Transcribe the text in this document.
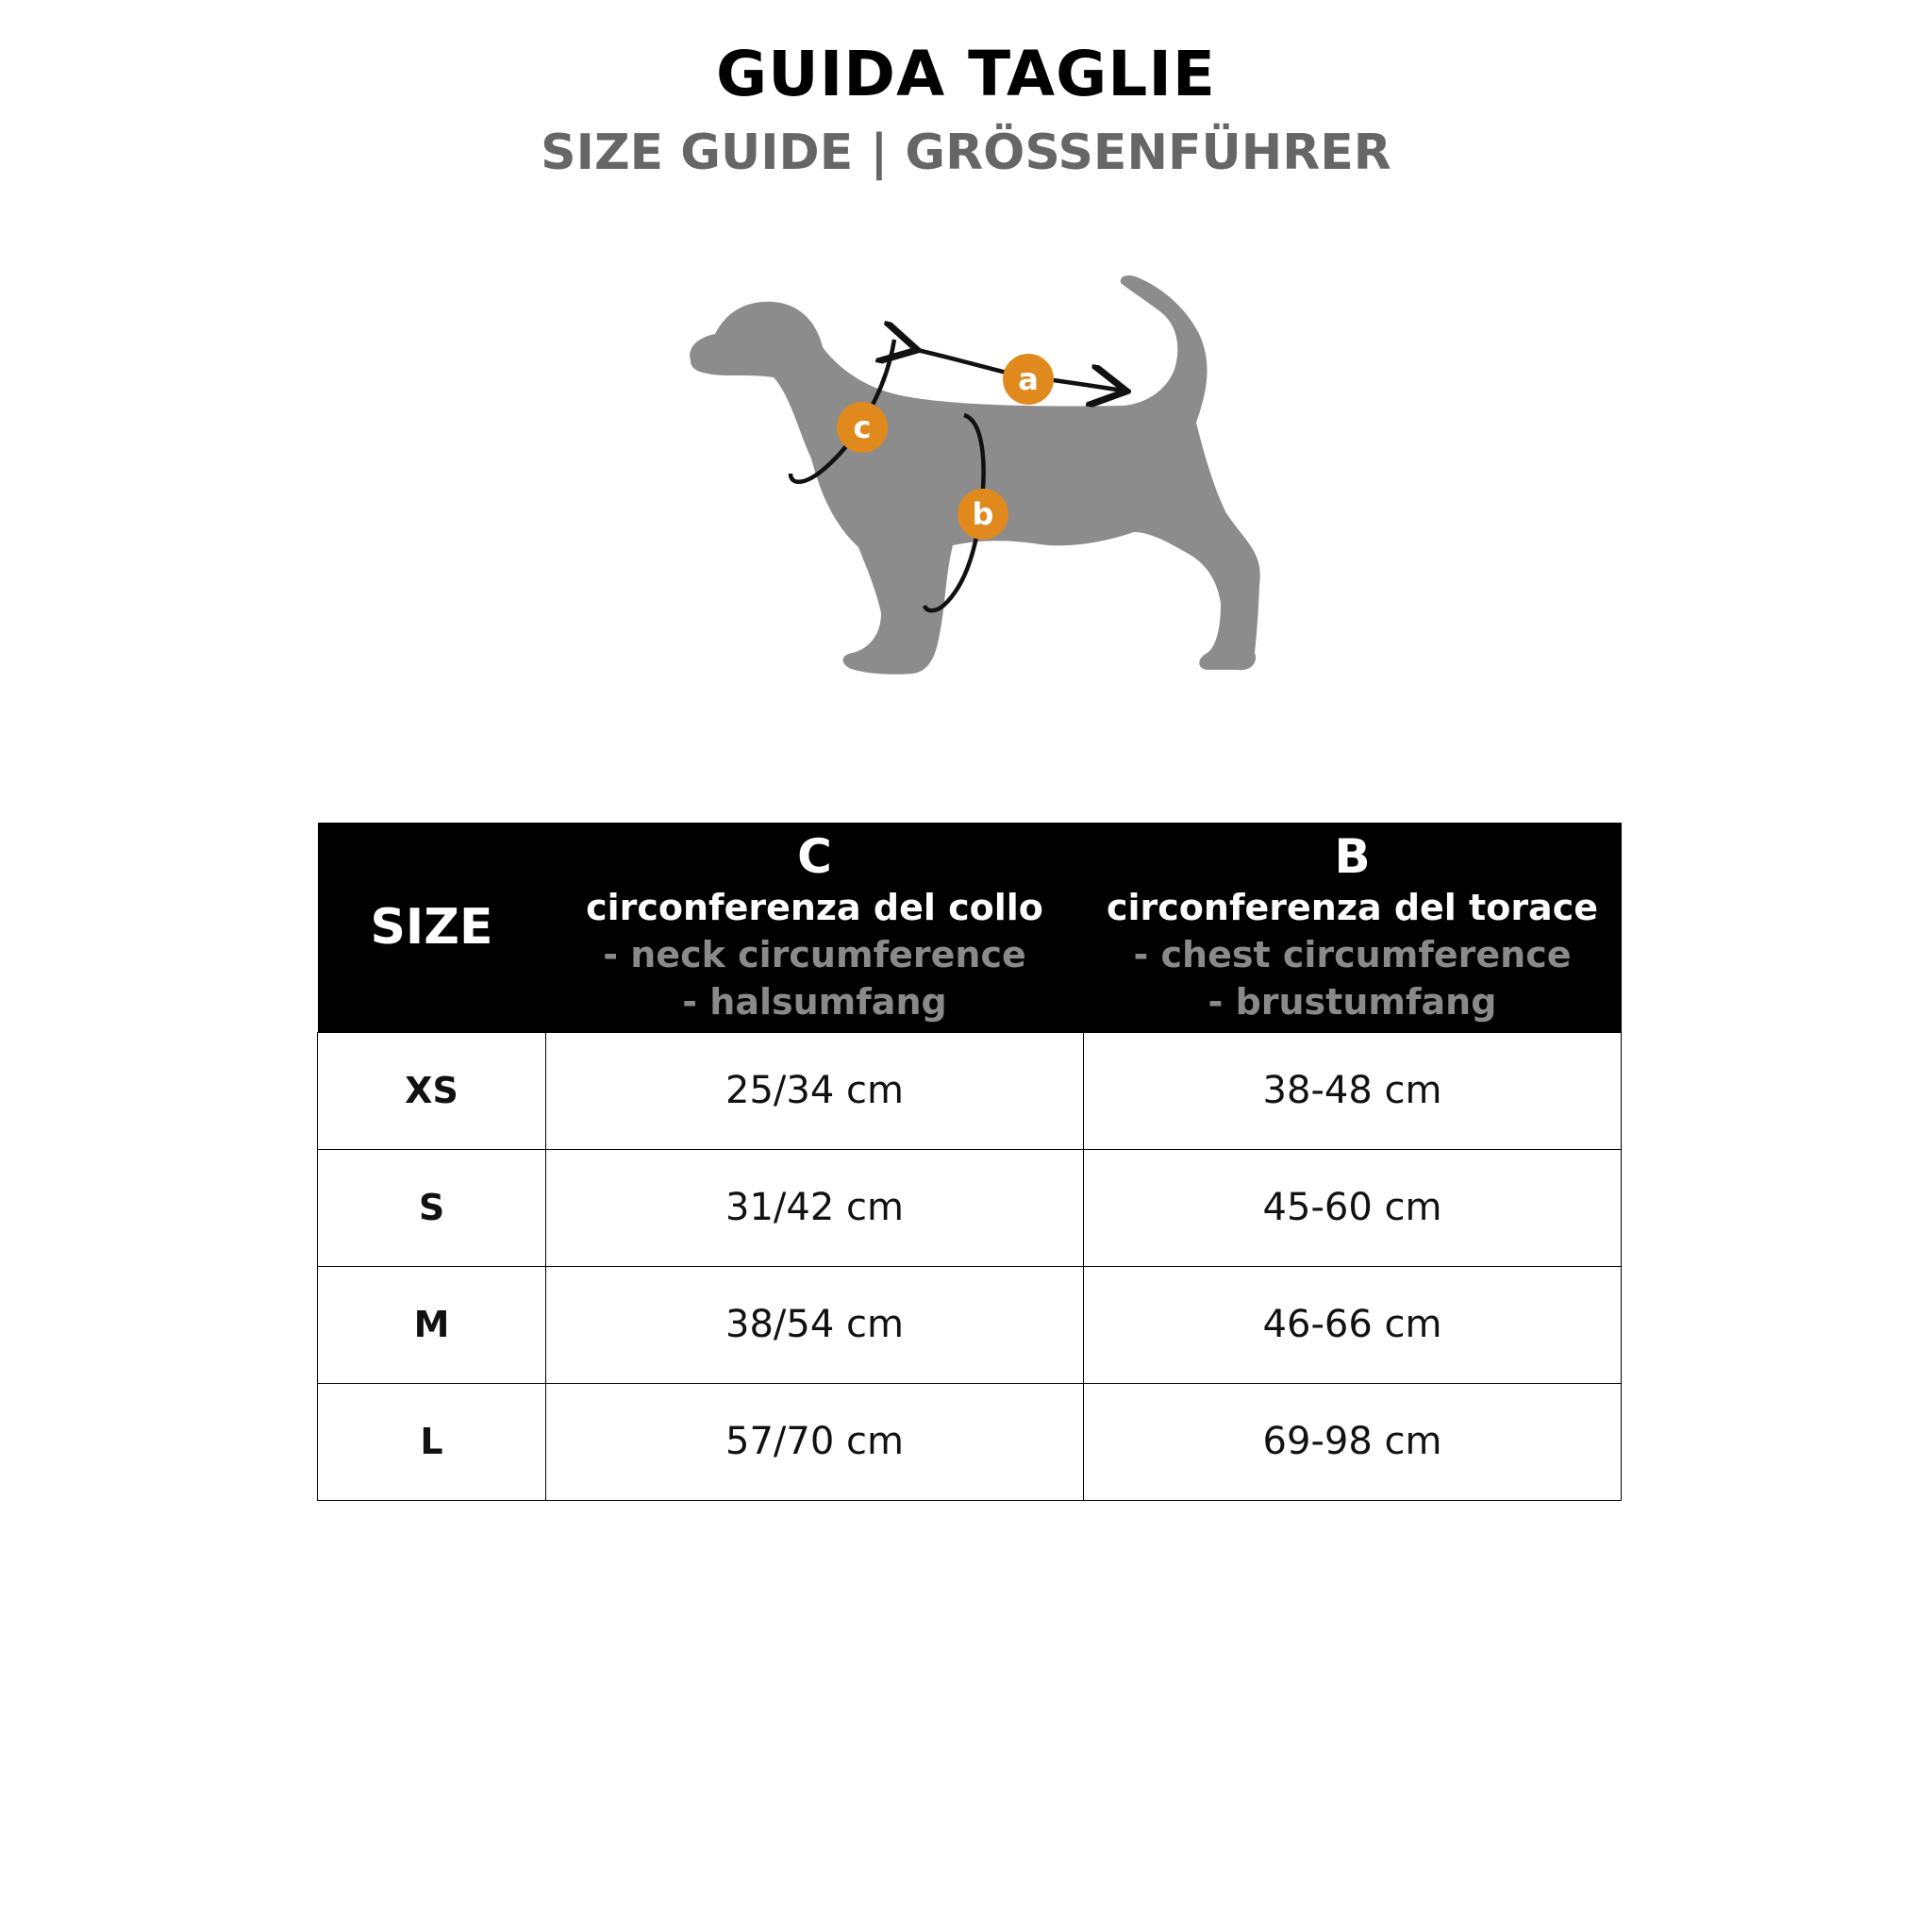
GUIDA TAGLIE
SIZE GUIDE | GRÖSSENFÜHRER
a
b
c
SIZE	C
circonferenza del collo
- neck circumference
- halsumfang	B
circonferenza del torace
- chest circumference
- brustumfang

XS	25/34 cm	38-48 cm
S	31/42 cm	45-60 cm
M	38/54 cm	46-66 cm
L	57/70 cm	69-98 cm
